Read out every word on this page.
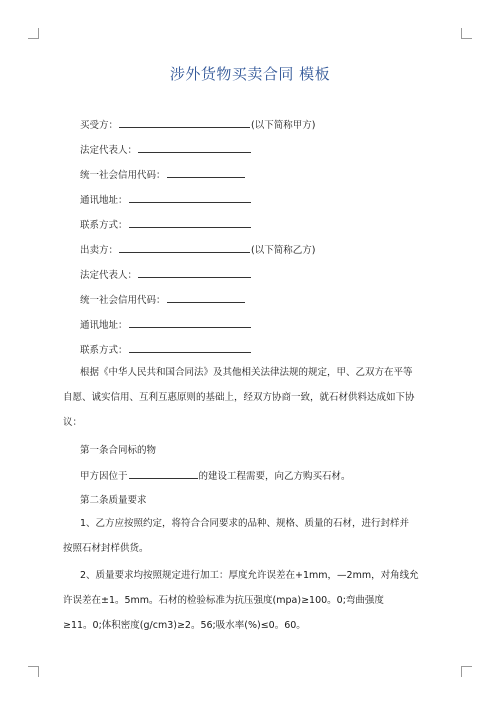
涉外货物买卖合同 模板
买受方：	(以下简称甲方)
法定代表人：
统一社会信用代码：
通讯地址：
联系方式：
出卖方：	(以下简称乙方)
法定代表人：
统一社会信用代码：
通讯地址：
联系方式：
根据《中华人民共和国合同法》及其他相关法律法规的规定，甲、乙双方在平等
自愿、诚实信用、互利互惠原则的基础上，经双方协商一致，就石材供料达成如下协
议：
第一条合同标的物
甲方因位于	的建设工程需要，向乙方购买石材。
第二条质量要求
1、乙方应按照约定，将符合合同要求的品种、规格、质量的石材，进行封样并
按照石材封样供货。
2、质量要求均按照规定进行加工：厚度允许误差在+1mm，—2mm，对角线允
许误差在±1。5mm。石材的检验标准为抗压强度(mpa)≥100。0;弯曲强度
≥11。0;体积密度(g/cm3)≥2。56;吸水率(%)≤0。60。
